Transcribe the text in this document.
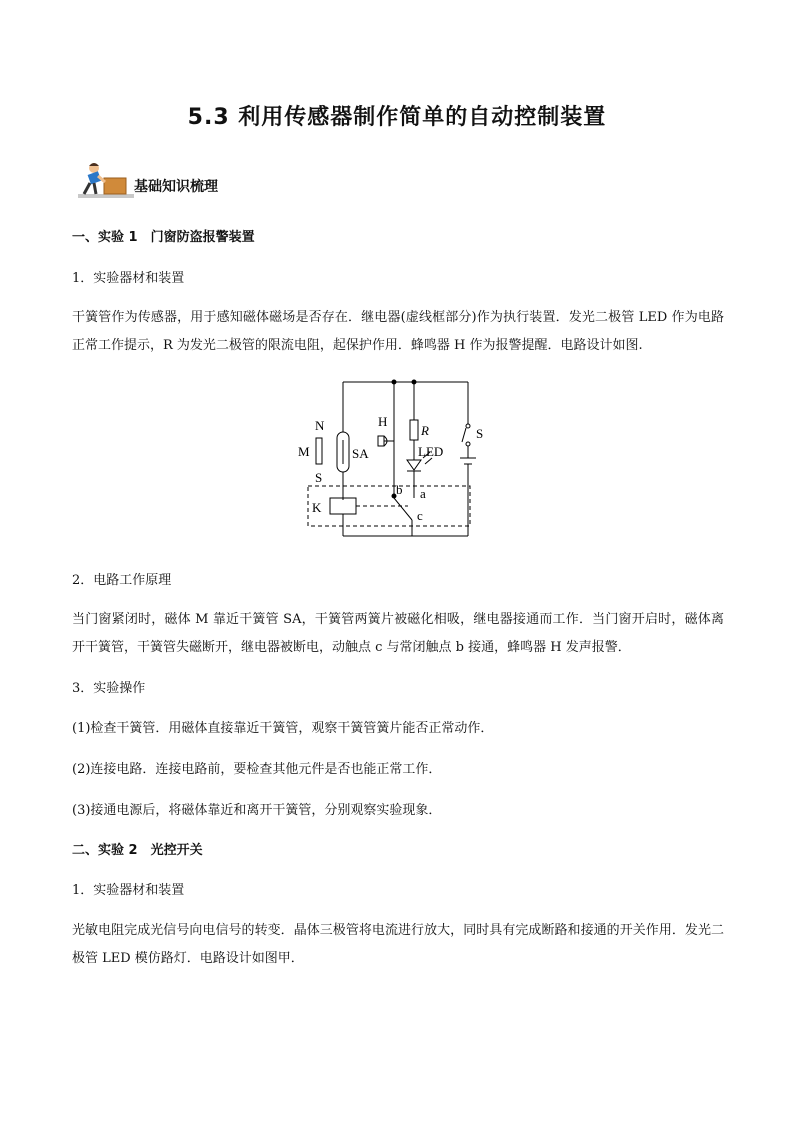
5.3 利用传感器制作简单的自动控制装置
基础知识梳理
一、实验 1　门窗防盗报警装置
1．实验器材和装置
干簧管作为传感器，用于感知磁体磁场是否存在．继电器(虚线框部分)作为执行装置．发光二极管 LED 作为电路正常工作提示，R 为发光二极管的限流电阻，起保护作用．蜂鸣器 H 作为报警提醒．电路设计如图.
N
M
S
SA
H
R
LED
S
K
a
b
c
2．电路工作原理
当门窗紧闭时，磁体 M 靠近干簧管 SA，干簧管两簧片被磁化相吸，继电器接通而工作．当门窗开启时，磁体离开干簧管，干簧管失磁断开，继电器被断电，动触点 c 与常闭触点 b 接通，蜂鸣器 H 发声报警．
3．实验操作
(1)检查干簧管．用磁体直接靠近干簧管，观察干簧管簧片能否正常动作．
(2)连接电路．连接电路前，要检查其他元件是否也能正常工作．
(3)接通电源后，将磁体靠近和离开干簧管，分别观察实验现象．
二、实验 2　光控开关
1．实验器材和装置
光敏电阻完成光信号向电信号的转变．晶体三极管将电流进行放大，同时具有完成断路和接通的开关作用．发光二极管 LED 模仿路灯．电路设计如图甲．
